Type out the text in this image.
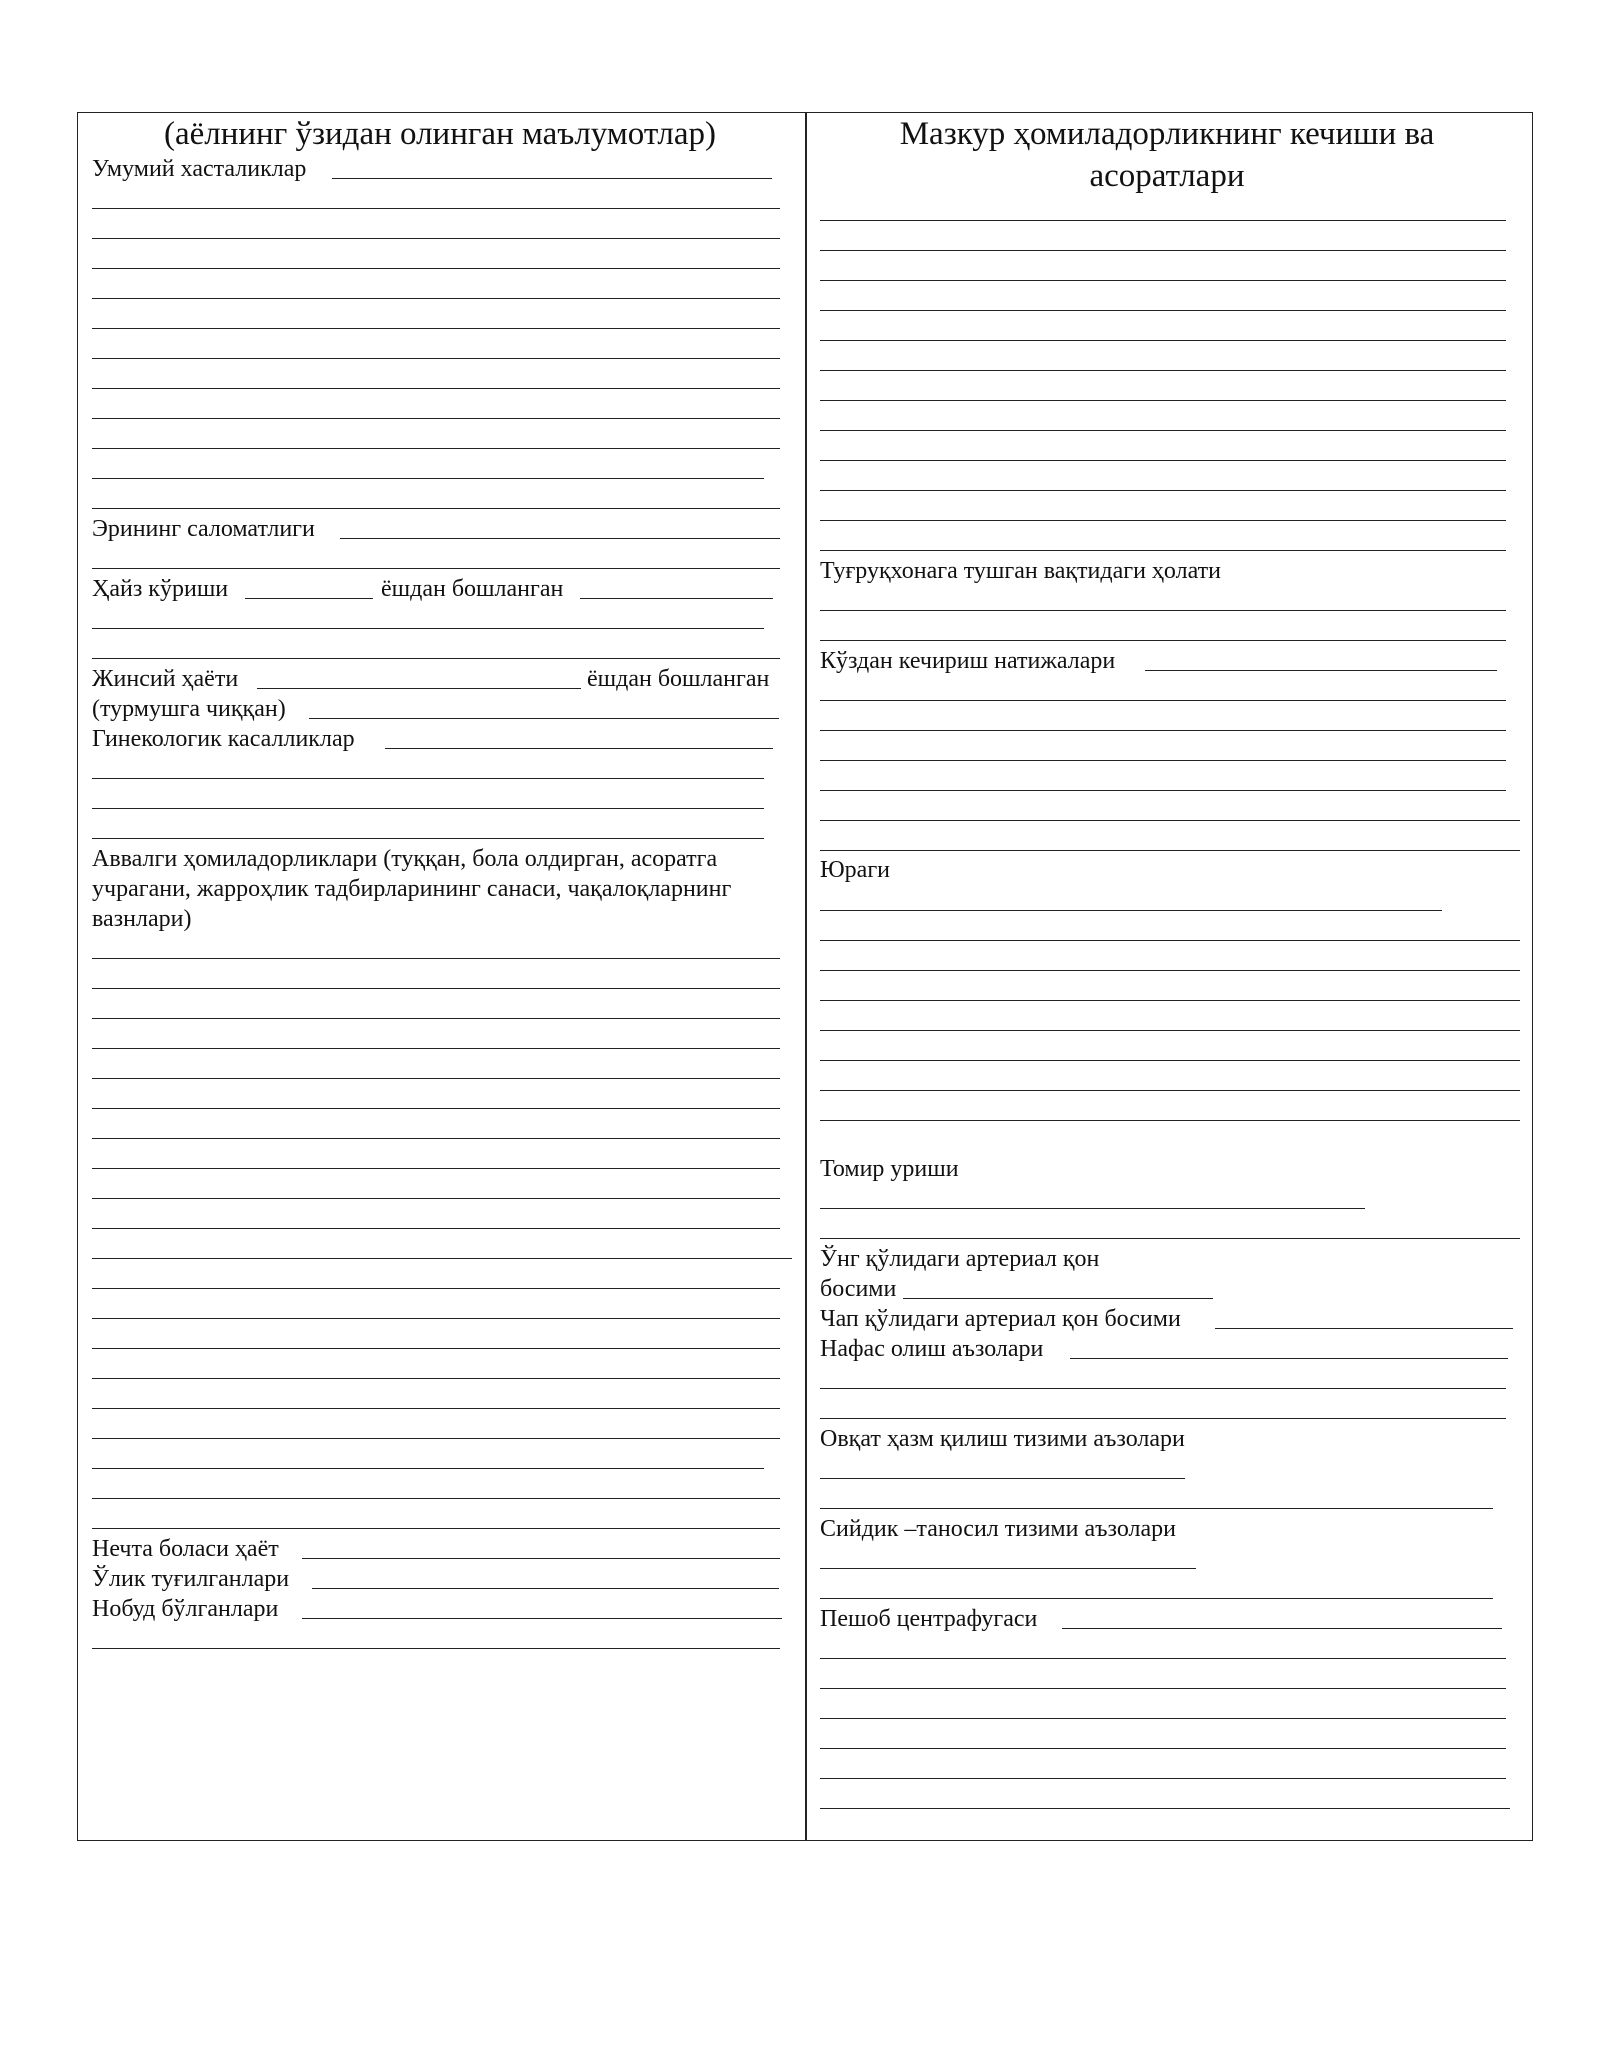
(аёлнинг ўзидан олинган маълумотлар)
Умумий хасталиклар
Эрининг саломатлиги
Ҳайз кўриши	ёшдан бошланган
Жинсий ҳаёти	ёшдан бошланган
(турмушга чиққан)
Гинекологик касалликлар
Аввалги ҳомиладорликлари (туққан, бола олдирган, асоратга
учрагани, жарроҳлик тадбирларининг санаси, чақалоқларнинг
вазнлари)
Нечта боласи ҳаёт
Ўлик туғилганлари
Нобуд бўлганлари
Мазкур ҳомиладорликнинг кечиши ва
асоратлари
Туғруқхонага тушган вақтидаги ҳолати
Кўздан кечириш натижалари
Юраги
Томир уриши
Ўнг қўлидаги артериал қон
босими
Чап қўлидаги артериал қон босими
Нафас олиш аъзолари
Овқат ҳазм қилиш тизими аъзолари
Сийдик –таносил тизими аъзолари
Пешоб центрафугаси
